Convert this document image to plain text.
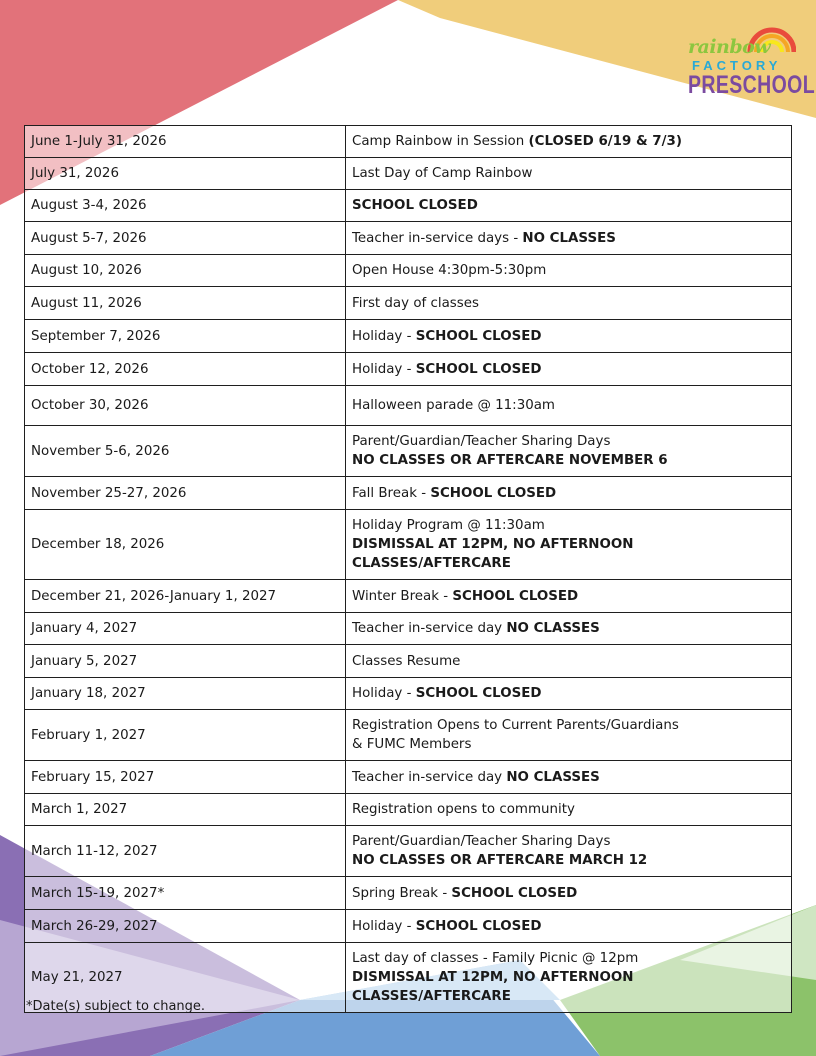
rainbow
FACTORY
PRESCHOOL
June 1-July 31, 2026	Camp Rainbow in Session (CLOSED 6/19 & 7/3)

July 31, 2026	Last Day of Camp Rainbow

August 3-4, 2026	SCHOOL CLOSED

August 5-7, 2026	Teacher in-service days - NO CLASSES

August 10, 2026	Open House 4:30pm-5:30pm

August 11, 2026	First day of classes

September 7, 2026	Holiday - SCHOOL CLOSED

October 12, 2026	Holiday - SCHOOL CLOSED

October 30, 2026	Halloween parade @ 11:30am

November 5-6, 2026	Parent/Guardian/Teacher Sharing Days
NO CLASSES OR AFTERCARE NOVEMBER 6

November 25-27, 2026	Fall Break - SCHOOL CLOSED

December 18, 2026	Holiday Program @ 11:30am
DISMISSAL AT 12PM, NO AFTERNOON CLASSES/AFTERCARE

December 21, 2026-January 1, 2027	Winter Break - SCHOOL CLOSED

January 4, 2027	Teacher in-service day NO CLASSES

January 5, 2027	Classes Resume

January 18, 2027	Holiday - SCHOOL CLOSED

February 1, 2027	Registration Opens to Current Parents/Guardians
& FUMC Members

February 15, 2027	Teacher in-service day NO CLASSES

March 1, 2027	Registration opens to community

March 11-12, 2027	Parent/Guardian/Teacher Sharing Days
NO CLASSES OR AFTERCARE MARCH 12

March 15-19, 2027*	Spring Break - SCHOOL CLOSED

March 26-29, 2027	Holiday - SCHOOL CLOSED

May 21, 2027	Last day of classes - Family Picnic @ 12pm
DISMISSAL AT 12PM, NO AFTERNOON CLASSES/AFTERCARE
*Date(s) subject to change.
